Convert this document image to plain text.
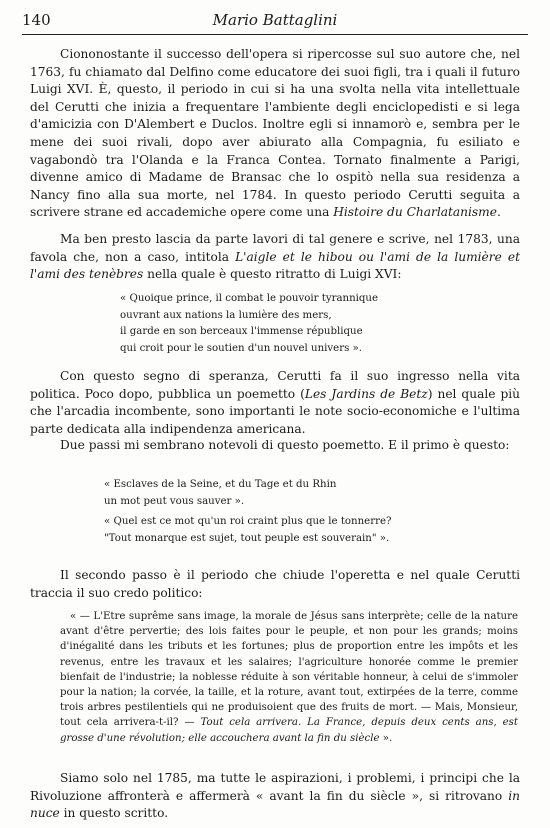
140	Mario Battaglini

Ciononostante il successo dell'opera si ripercosse sul suo autore che, nel 1763, fu chiamato dal Delfino come educatore dei suoi figli, tra i quali il futuro Luigi XVI. È, questo, il periodo in cui si ha una svolta nella vita intellettuale del Cerutti che inizia a frequentare l'ambiente degli enciclopedisti e si lega d'amicizia con D'Alembert e Duclos. Inoltre egli si innamorò e, sembra per le mene dei suoi rivali, dopo aver abiurato alla Compagnia, fu esiliato e vagabondò tra l'Olanda e la Franca Contea. Tornato finalmente a Parigi, divenne amico di Madame de Bransac che lo ospitò nella sua residenza a Nancy fino alla sua morte, nel 1784. In questo periodo Cerutti seguita a scrivere strane ed accademiche opere come una Histoire du Charlatanisme.

Ma ben presto lascia da parte lavori di tal genere e scrive, nel 1783, una favola che, non a caso, intitola L'aigle et le hibou ou l'ami de la lumière et l'ami des tenèbres nella quale è questo ritratto di Luigi XVI:

« Quoique prince, il combat le pouvoir tyrannique
ouvrant aux nations la lumière des mers,
il garde en son berceaux l'immense république
qui croit pour le soutien d'un nouvel univers ».

Con questo segno di speranza, Cerutti fa il suo ingresso nella vita politica. Poco dopo, pubblica un poemetto (Les Jardins de Betz) nel quale più che l'arcadia incombente, sono importanti le note socio-economiche e l'ultima parte dedicata alla indipendenza americana.

Due passi mi sembrano notevoli di questo poemetto. E il primo è questo:

« Esclaves de la Seine, et du Tage et du Rhin
un mot peut vous sauver ».
« Quel est ce mot qu'un roi craint plus que le tonnerre?
"Tout monarque est sujet, tout peuple est souverain" ».

Il secondo passo è il periodo che chiude l'operetta e nel quale Cerutti traccia il suo credo politico:

« — L'Etre suprême sans image, la morale de Jésus sans interprète; celle de la nature avant d'être pervertie; des lois faites pour le peuple, et non pour les grands; moins d'inégalité dans les tributs et les fortunes; plus de proportion entre les impôts et les revenus, entre les travaux et les salaires; l'agriculture honorée comme le premier bienfait de l'industrie; la noblesse réduite à son véritable honneur, à celui de s'immoler pour la nation; la corvée, la taille, et la roture, avant tout, extirpées de la terre, comme trois arbres pestilentiels qui ne produisoient que des fruits de mort. — Mais, Monsieur, tout cela arrivera-t-il? — Tout cela arrivera. La France, depuis deux cents ans, est grosse d'une révolution; elle accouchera avant la fin du siècle ».

Siamo solo nel 1785, ma tutte le aspirazioni, i problemi, i principi che la Rivoluzione affronterà e affermerà « avant la fin du siècle », si ritrovano in nuce in questo scritto.
